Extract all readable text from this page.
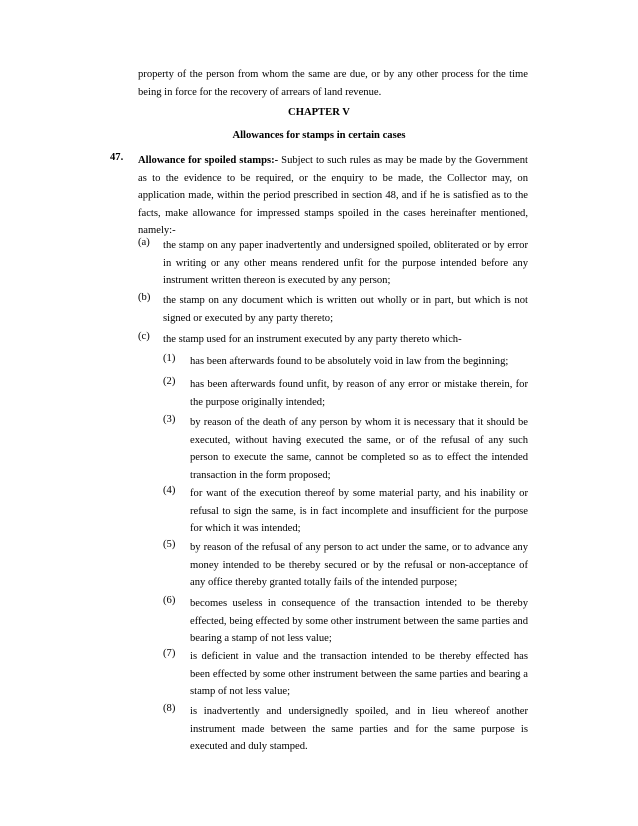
property of the person from whom the same are due, or by any other process for the time being in force for the recovery of arrears of land revenue.
CHAPTER V
Allowances for stamps in certain cases
47. Allowance for spoiled stamps:- Subject to such rules as may be made by the Government as to the evidence to be required, or the enquiry to be made, the Collector may, on application made, within the period prescribed in section 48, and if he is satisfied as to the facts, make allowance for impressed stamps spoiled in the cases hereinafter mentioned, namely:-
(a) the stamp on any paper inadvertently and undersigned spoiled, obliterated or by error in writing or any other means rendered unfit for the purpose intended before any instrument written thereon is executed by any person;
(b) the stamp on any document which is written out wholly or in part, but which is not signed or executed by any party thereto;
(c) the stamp used for an instrument executed by any party thereto which-
(1) has been afterwards found to be absolutely void in law from the beginning;
(2) has been afterwards found unfit, by reason of any error or mistake therein, for the purpose originally intended;
(3) by reason of the death of any person by whom it is necessary that it should be executed, without having executed the same, or of the refusal of any such person to execute the same, cannot be completed so as to effect the intended transaction in the form proposed;
(4) for want of the execution thereof by some material party, and his inability or refusal to sign the same, is in fact incomplete and insufficient for the purpose for which it was intended;
(5) by reason of the refusal of any person to act under the same, or to advance any money intended to be thereby secured or by the refusal or non-acceptance of any office thereby granted totally fails of the intended purpose;
(6) becomes useless in consequence of the transaction intended to be thereby effected, being effected by some other instrument between the same parties and bearing a stamp of not less value;
(7) is deficient in value and the transaction intended to be thereby effected has been effected by some other instrument between the same parties and bearing a stamp of not less value;
(8) is inadvertently and undersignedly spoiled, and in lieu whereof another instrument made between the same parties and for the same purpose is executed and duly stamped.
